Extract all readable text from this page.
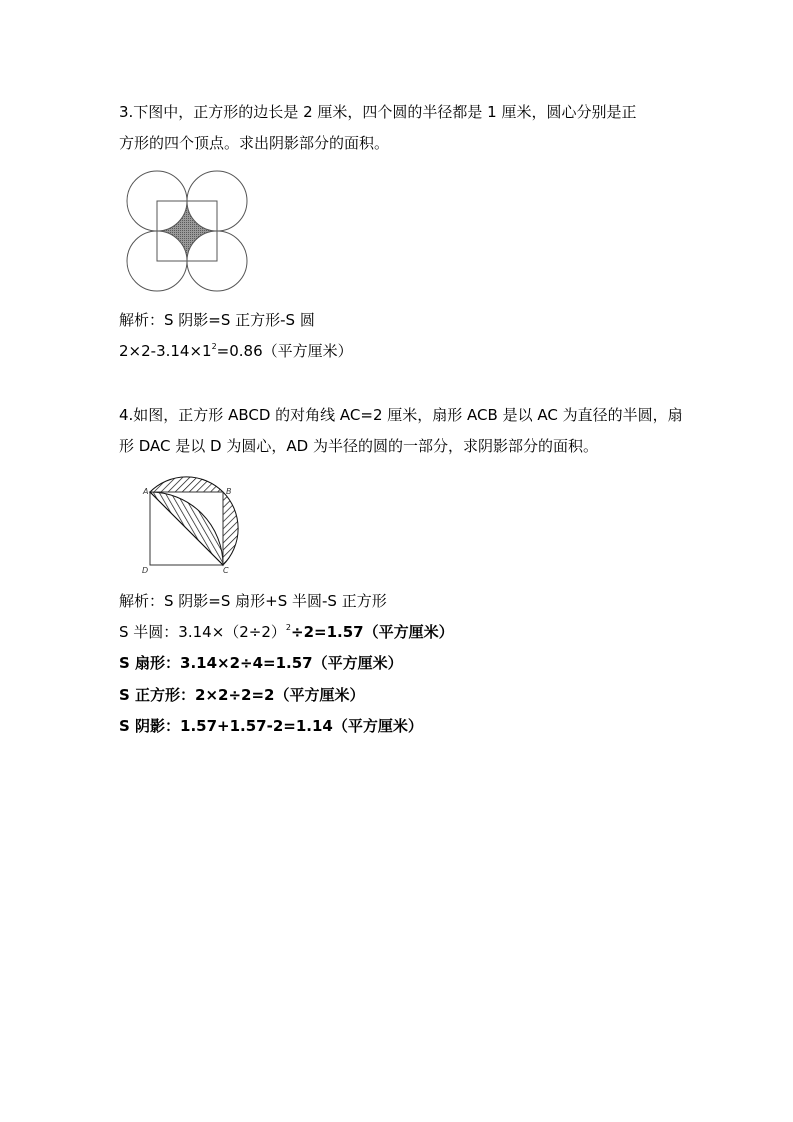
3.下图中，正方形的边长是 2 厘米，四个圆的半径都是 1 厘米，圆心分别是正
方形的四个顶点。求出阴影部分的面积。
解析：S 阴影=S 正方形-S 圆
$2\times 2-3.14\times 1^2=0.86$（平方厘米）
4.如图，正方形 ABCD 的对角线 AC=2 厘米，扇形 ACB 是以 AC 为直径的半圆，扇
形 DAC 是以 D 为圆心，AD 为半径的圆的一部分，求阴影部分的面积。
A	B
C
D
解析：S 阴影=S 扇形+S 半圆-S 正方形
S 半圆：$3.14\times(2\div 2)^2\div 2=1.57$（平方厘米）
S 扇形：3.14×2÷4=1.57（平方厘米）
S 正方形：2×2÷2=2（平方厘米）
S 阴影：1.57+1.57-2=1.14（平方厘米）
